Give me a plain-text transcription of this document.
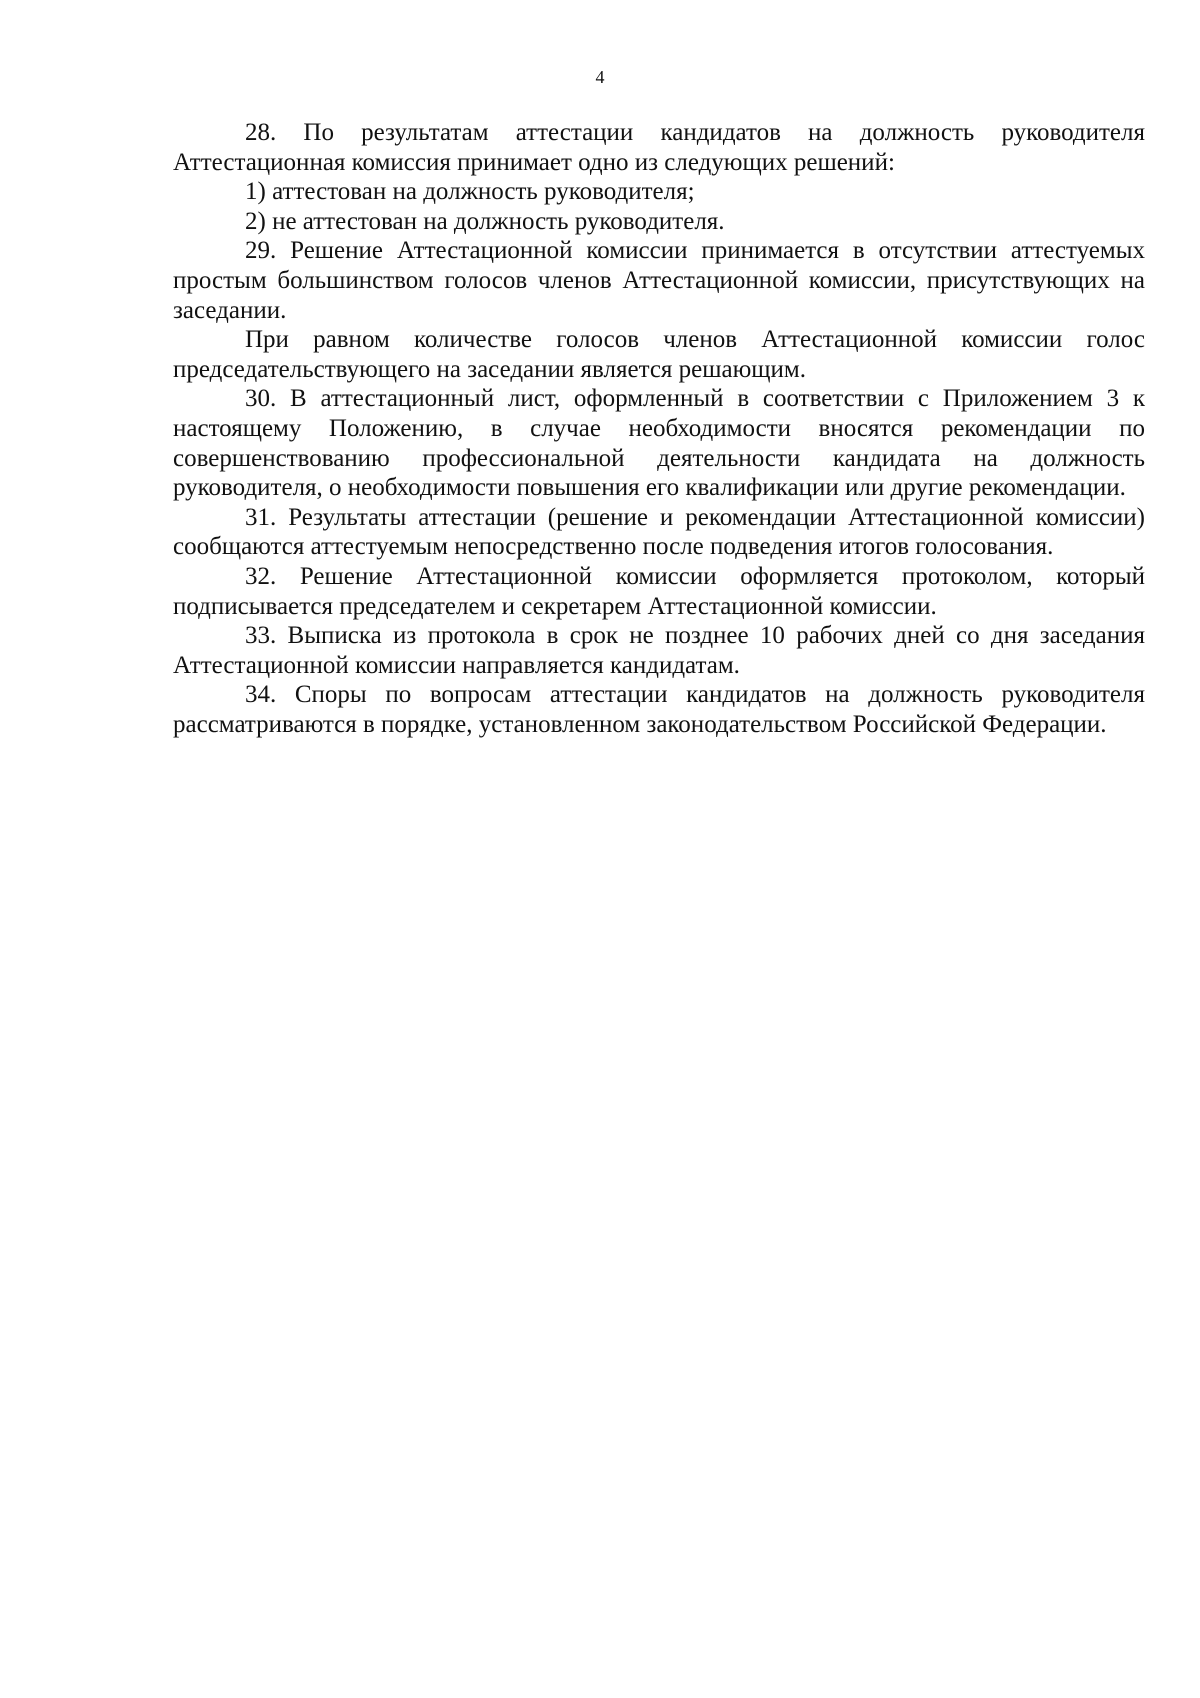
4

28. По результатам аттестации кандидатов на должность руководителя Аттестационная комиссия принимает одно из следующих решений:

1) аттестован на должность руководителя;

2) не аттестован на должность руководителя.

29. Решение Аттестационной комиссии принимается в отсутствии аттестуемых простым большинством голосов членов Аттестационной комиссии, присутствующих на заседании.

При равном количестве голосов членов Аттестационной комиссии голос председательствующего на заседании является решающим.

30. В аттестационный лист, оформленный в соответствии с Приложением 3 к настоящему Положению, в случае необходимости вносятся рекомендации по совершенствованию профессиональной деятельности кандидата на должность руководителя, о необходимости повышения его квалификации или другие рекомендации.

31. Результаты аттестации (решение и рекомендации Аттестационной комиссии) сообщаются аттестуемым непосредственно после подведения итогов голосования.

32. Решение Аттестационной комиссии оформляется протоколом, который подписывается председателем и секретарем Аттестационной комиссии.

33. Выписка из протокола в срок не позднее 10 рабочих дней со дня заседания Аттестационной комиссии направляется кандидатам.

34. Споры по вопросам аттестации кандидатов на должность руководителя рассматриваются в порядке, установленном законодательством Российской Федерации.
